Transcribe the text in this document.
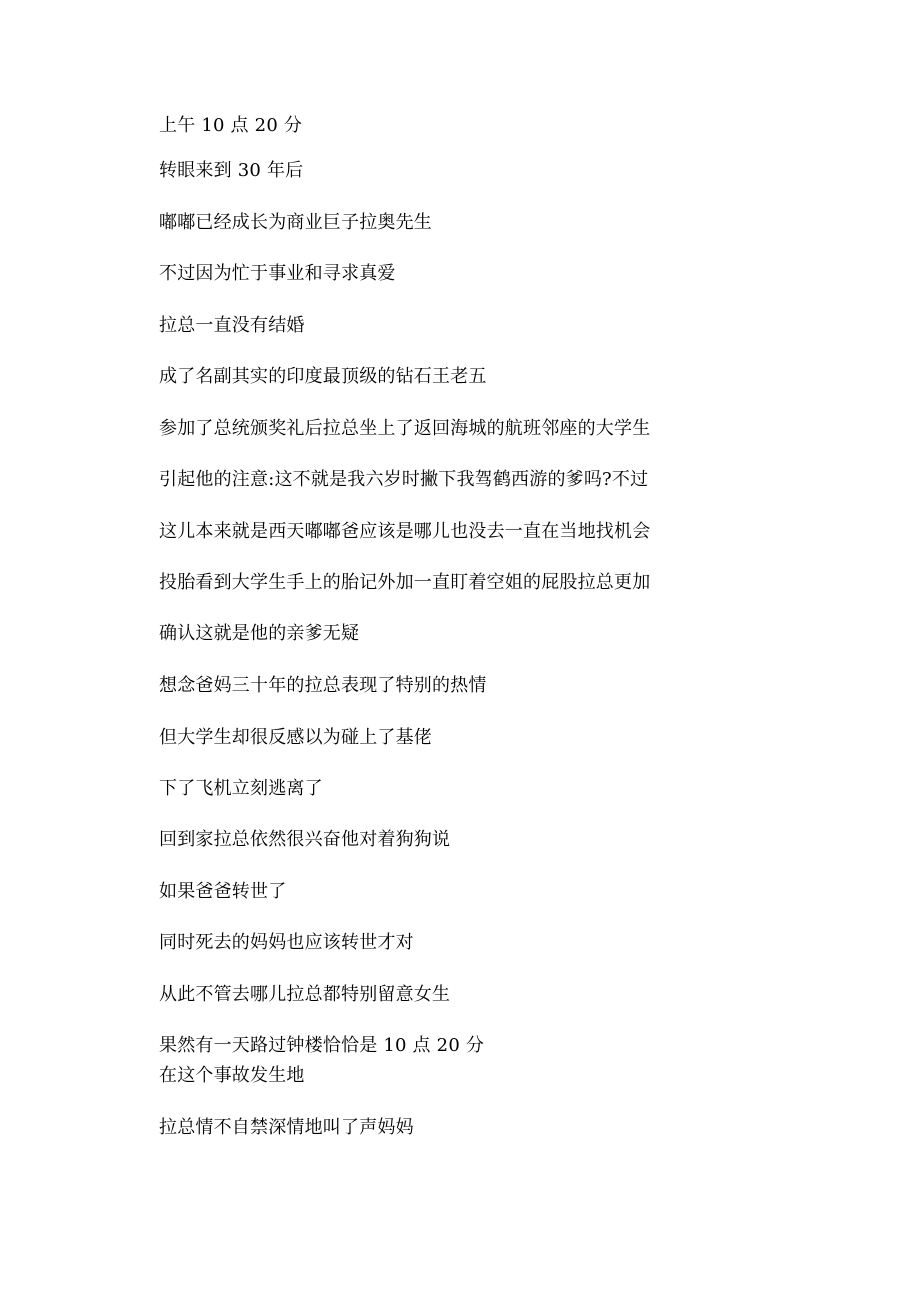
上午 10 点 20 分

转眼来到 30 年后

嘟嘟已经成长为商业巨子拉奥先生

不过因为忙于事业和寻求真爱

拉总一直没有结婚

成了名副其实的印度最顶级的钻石王老五

参加了总统颁奖礼后拉总坐上了返回海城的航班邻座的大学生

引起他的注意:这不就是我六岁时撇下我驾鹤西游的爹吗?不过

这儿本来就是西天嘟嘟爸应该是哪儿也没去一直在当地找机会

投胎看到大学生手上的胎记外加一直盯着空姐的屁股拉总更加

确认这就是他的亲爹无疑

想念爸妈三十年的拉总表现了特别的热情

但大学生却很反感以为碰上了基佬

下了飞机立刻逃离了

回到家拉总依然很兴奋他对着狗狗说

如果爸爸转世了

同时死去的妈妈也应该转世才对

从此不管去哪儿拉总都特别留意女生

果然有一天路过钟楼恰恰是 10 点 20 分

在这个事故发生地

拉总情不自禁深情地叫了声妈妈
